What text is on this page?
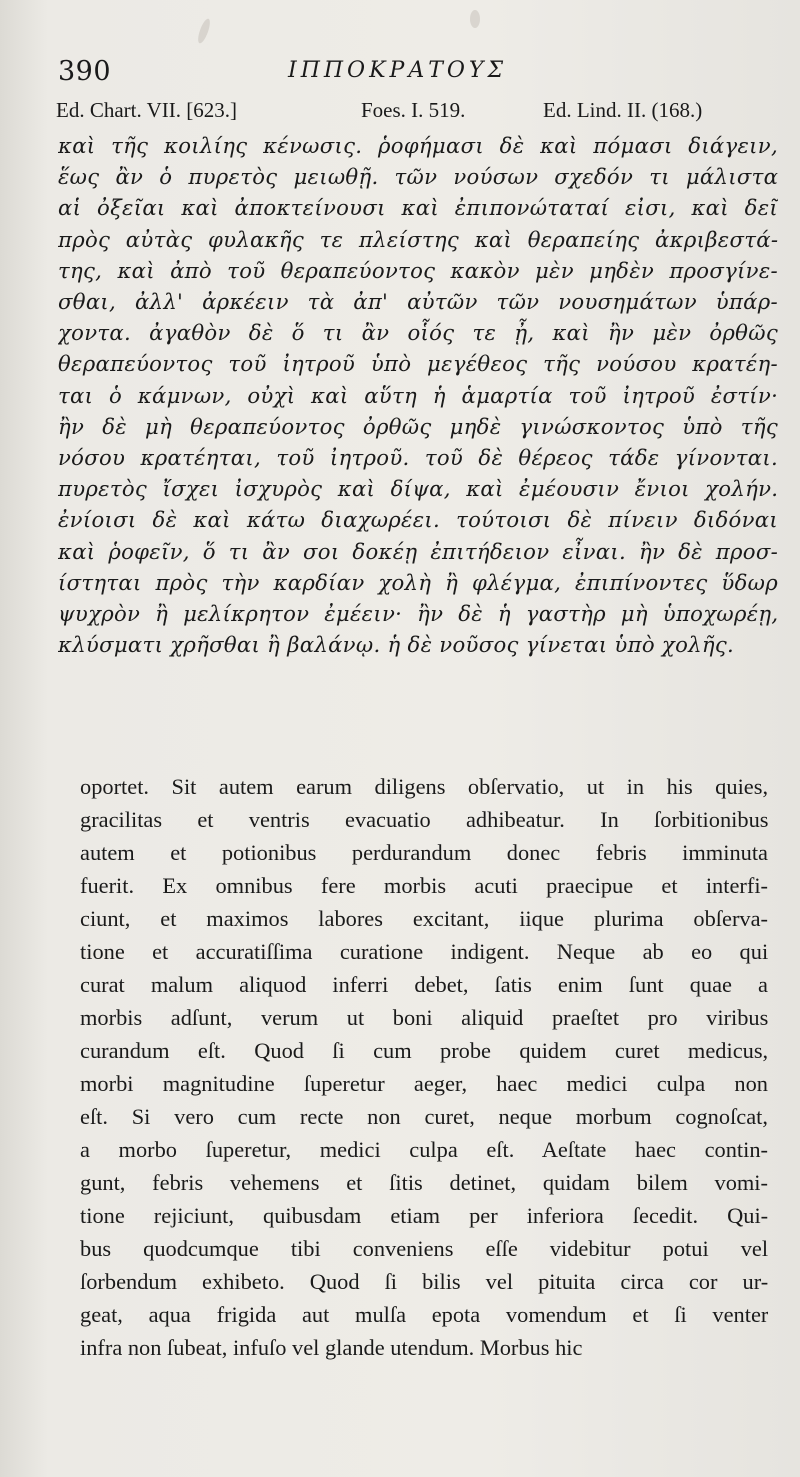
390	ΙΠΠΟΚΡΑΤΟΥΣ
Ed. Chart. VII. [623.]	Foes. I. 519.	Ed. Lind. II. (168.)
καὶ τῆς κοιλίης κένωσις. ῥοφήμασι δὲ καὶ πόμασι διάγειν,
ἕως ἂν ὁ πυρετὸς μειωθῇ. τῶν νούσων σχεδόν τι μάλιστα
αἱ ὀξεῖαι καὶ ἀποκτείνουσι καὶ ἐπιπονώταταί εἰσι, καὶ δεῖ
πρὸς αὐτὰς φυλακῆς τε πλείστης καὶ θεραπείης ἀκριβεστά-
της, καὶ ἀπὸ τοῦ θεραπεύοντος κακὸν μὲν μηδὲν προσγίνε-
σθαι, ἀλλ' ἀρκέειν τὰ ἀπ' αὐτῶν τῶν νουσημάτων ὑπάρ-
χοντα. ἀγαθὸν δὲ ὅ τι ἂν οἷός τε ᾖ, καὶ ἢν μὲν ὀρθῶς
θεραπεύοντος τοῦ ἰητροῦ ὑπὸ μεγέθεος τῆς νούσου κρατέη-
ται ὁ κάμνων, οὐχὶ καὶ αὕτη ἡ ἁμαρτία τοῦ ἰητροῦ ἐστίν·
ἢν δὲ μὴ θεραπεύοντος ὀρθῶς μηδὲ γινώσκοντος ὑπὸ τῆς
νόσου κρατέηται, τοῦ ἰητροῦ. τοῦ δὲ θέρεος τάδε γίνονται.
πυρετὸς ἴσχει ἰσχυρὸς καὶ δίψα, καὶ ἐμέουσιν ἔνιοι χολήν.
ἐνίοισι δὲ καὶ κάτω διαχωρέει. τούτοισι δὲ πίνειν διδόναι
καὶ ῥοφεῖν, ὅ τι ἂν σοι δοκέῃ ἐπιτήδειον εἶναι. ἢν δὲ προσ-
ίστηται πρὸς τὴν καρδίαν χολὴ ἢ φλέγμα, ἐπιπίνοντες ὕδωρ
ψυχρὸν ἢ μελίκρητον ἐμέειν· ἢν δὲ ἡ γαστὴρ μὴ ὑποχωρέῃ,
κλύσματι χρῆσθαι ἢ βαλάνῳ. ἡ δὲ νοῦσος γίνεται ὑπὸ χολῆς.
oportet. Sit autem earum diligens obſervatio, ut in his quies,
gracilitas et ventris evacuatio adhibeatur. In ſorbitionibus
autem et potionibus perdurandum donec febris imminuta
fuerit. Ex omnibus fere morbis acuti praecipue et interfi-
ciunt, et maximos labores excitant, iique plurima obſerva-
tione et accuratiſſima curatione indigent. Neque ab eo qui
curat malum aliquod inferri debet, ſatis enim ſunt quae a
morbis adſunt, verum ut boni aliquid praeſtet pro viribus
curandum eſt. Quod ſi cum probe quidem curet medicus,
morbi magnitudine ſuperetur aeger, haec medici culpa non
eſt. Si vero cum recte non curet, neque morbum cognoſcat,
a morbo ſuperetur, medici culpa eſt. Aeſtate haec contin-
gunt, febris vehemens et ſitis detinet, quidam bilem vomi-
tione rejiciunt, quibusdam etiam per inferiora ſecedit. Qui-
bus quodcumque tibi conveniens eſſe videbitur potui vel
ſorbendum exhibeto. Quod ſi bilis vel pituita circa cor ur-
geat, aqua frigida aut mulſa epota vomendum et ſi venter
infra non ſubeat, infuſo vel glande utendum. Morbus hic
